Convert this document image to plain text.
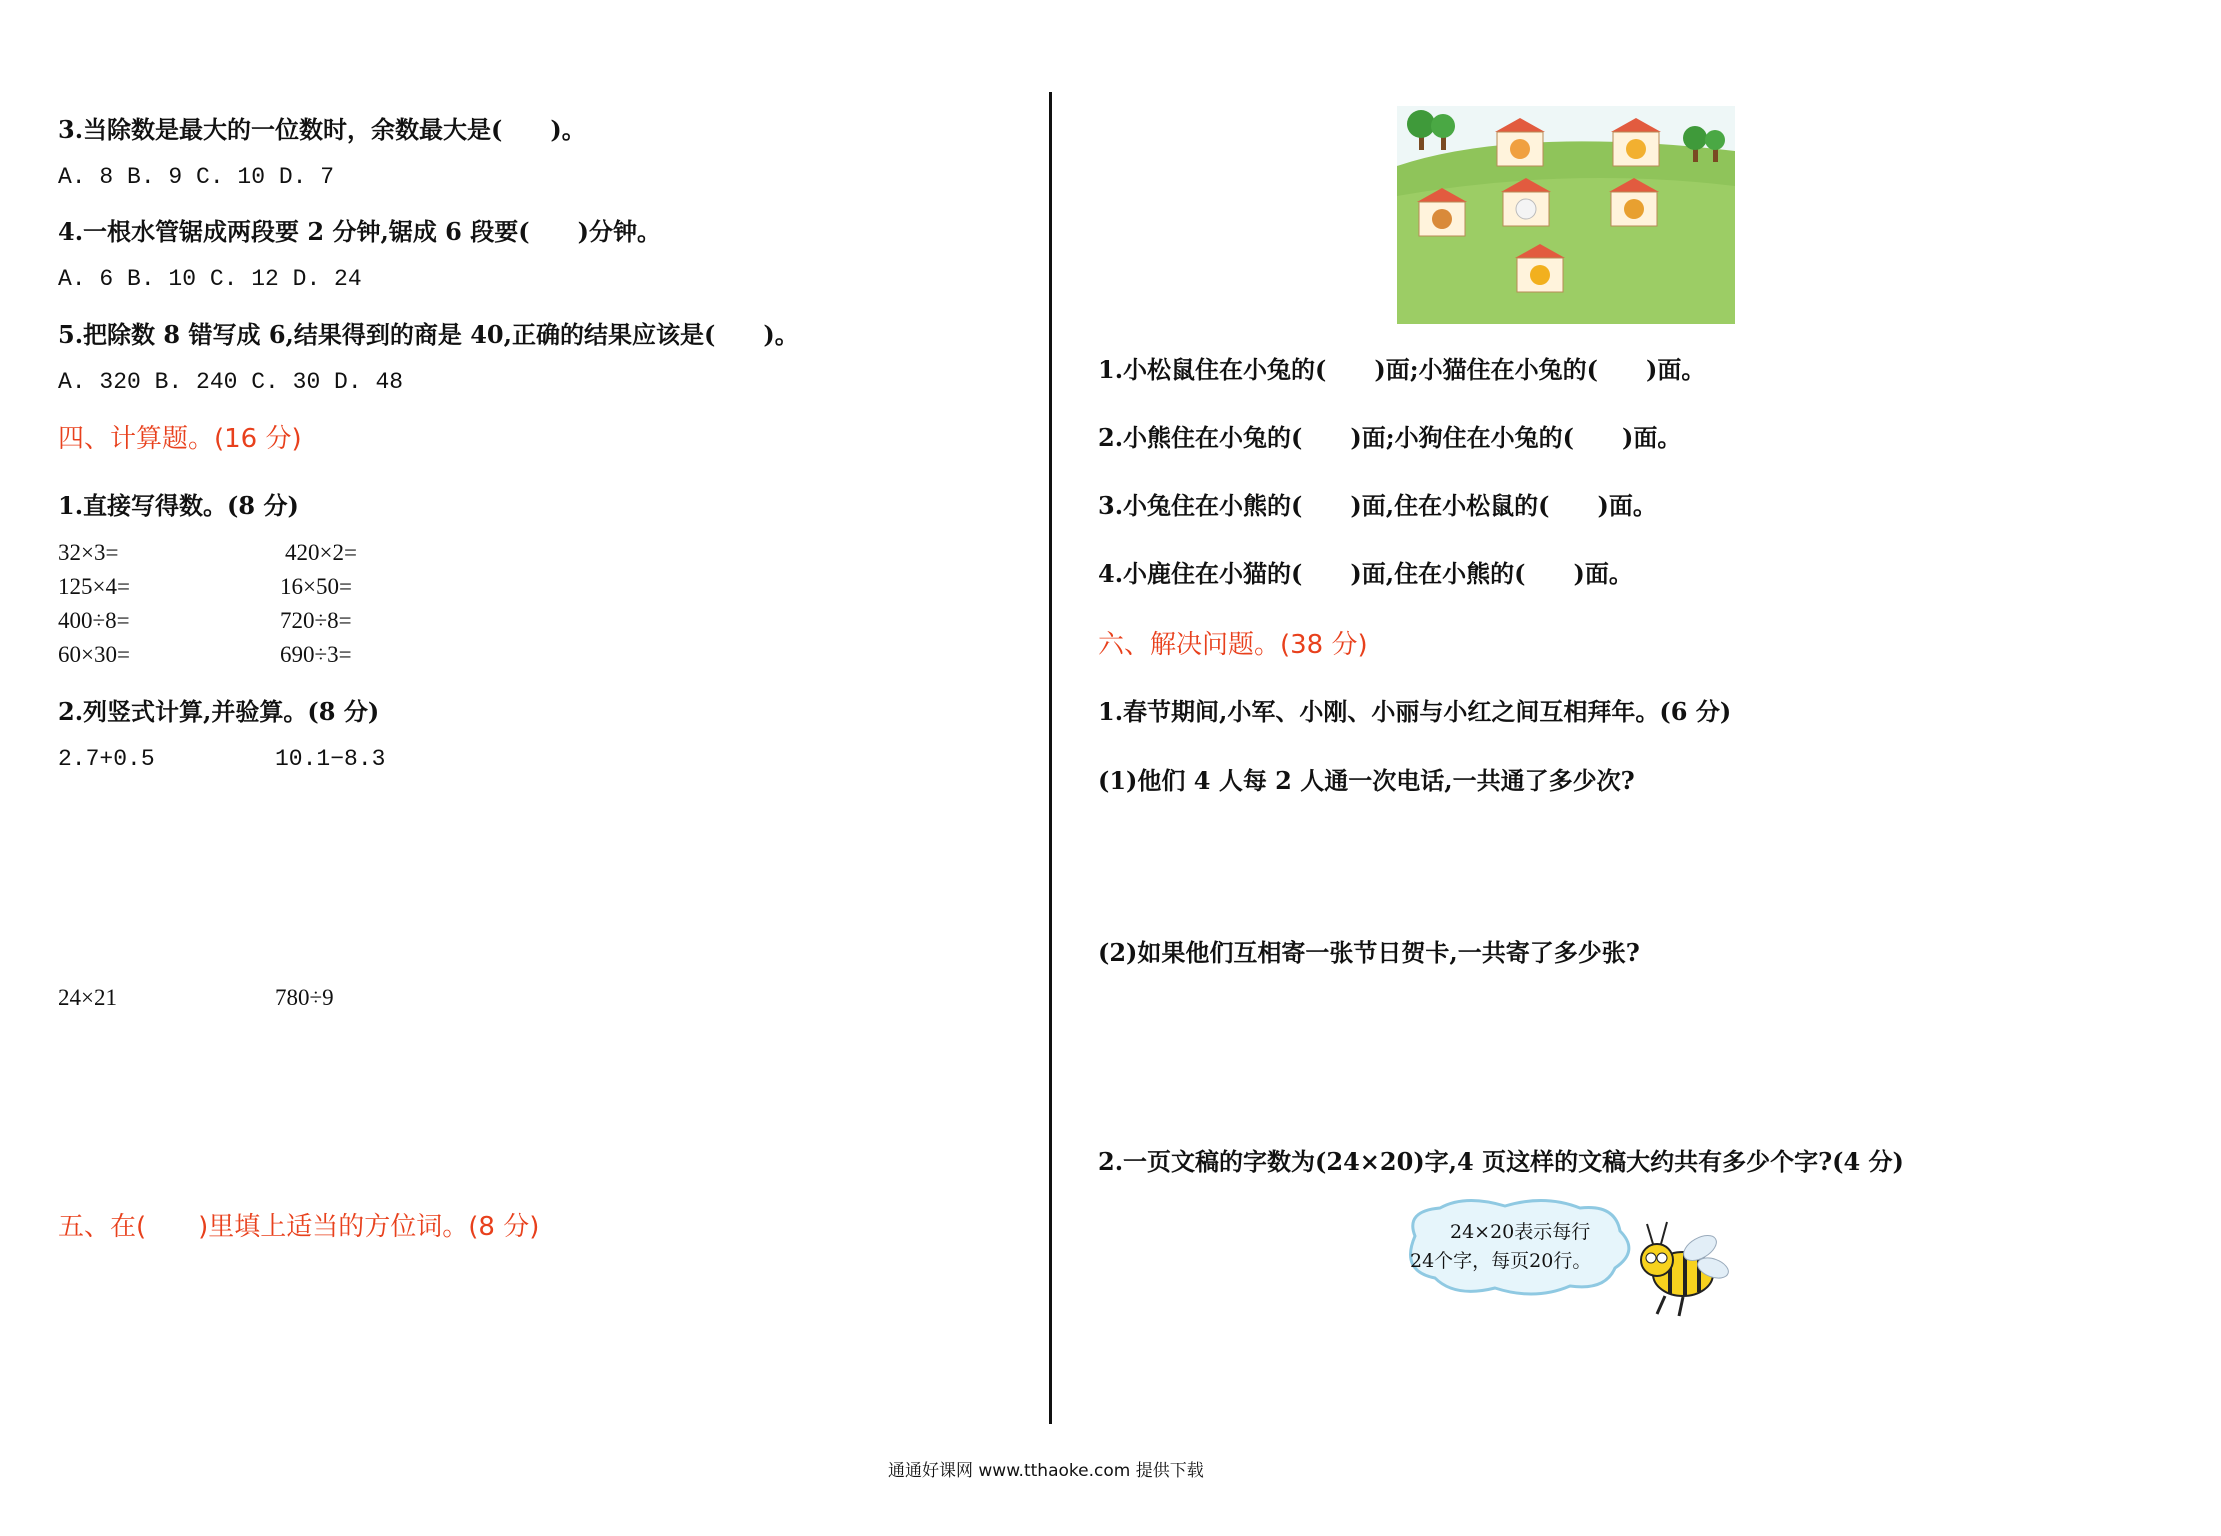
3.当除数是最大的一位数时，余数最大是(　　)。
A. 8 B. 9 C. 10 D. 7
4.一根水管锯成两段要 2 分钟,锯成 6 段要(　　)分钟。
A. 6 B. 10 C. 12 D. 24
5.把除数 8 错写成 6,结果得到的商是 40,正确的结果应该是(　　)。
A. 320 B. 240 C. 30 D. 48
四、计算题。(16 分)
1.直接写得数。(8 分)
32×3=	420×2=
125×4=	16×50=
400÷8=	720÷8=
60×30=	690÷3=
2.列竖式计算,并验算。(8 分)
2.7+0.5	10.1−8.3
24×21	780÷9
五、在(　　)里填上适当的方位词。(8 分)
1.小松鼠住在小兔的(　　)面;小猫住在小兔的(　　)面。
2.小熊住在小兔的(　　)面;小狗住在小兔的(　　)面。
3.小兔住在小熊的(　　)面,住在小松鼠的(　　)面。
4.小鹿住在小猫的(　　)面,住在小熊的(　　)面。
六、解决问题。(38 分)
1.春节期间,小军、小刚、小丽与小红之间互相拜年。(6 分)
(1)他们 4 人每 2 人通一次电话,一共通了多少次?
(2)如果他们互相寄一张节日贺卡,一共寄了多少张?
2.一页文稿的字数为(24×20)字,4 页这样的文稿大约共有多少个字?(4 分)
24×20表示每行
24个字，每页20行。
通通好课网 www.tthaoke.com 提供下载
